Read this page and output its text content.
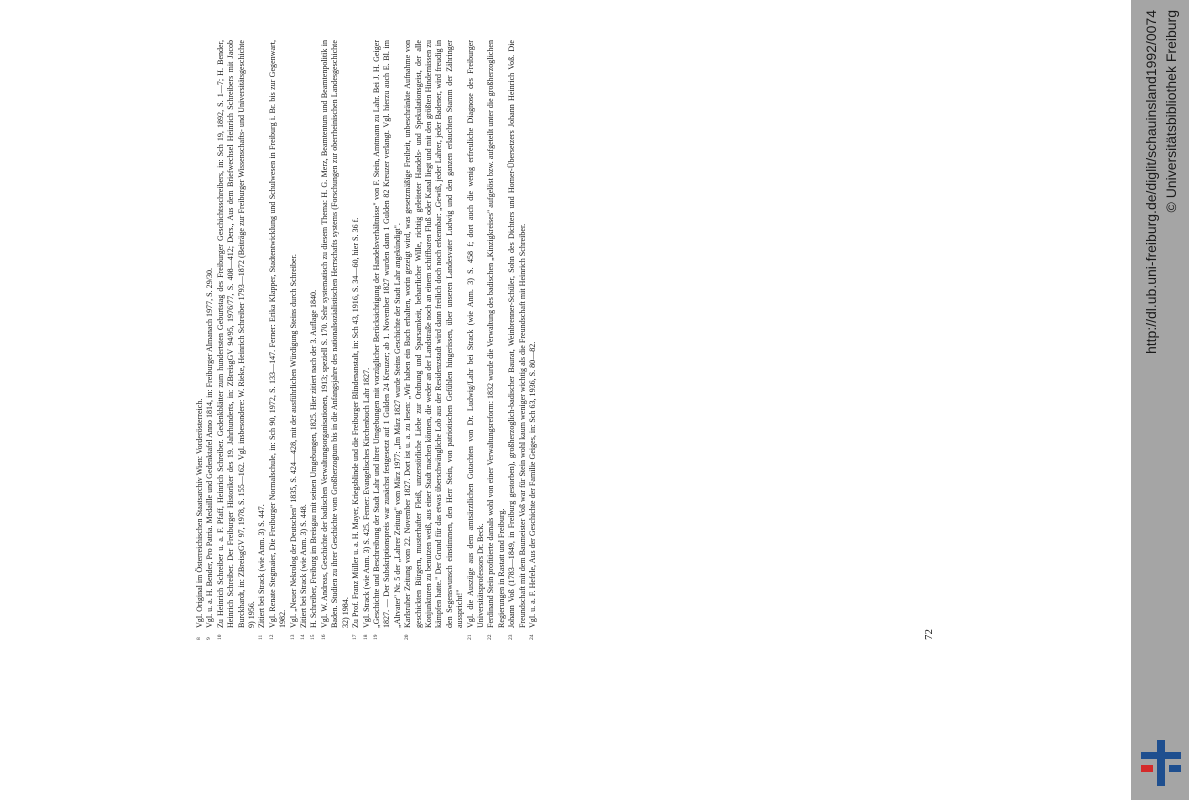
8
Vgl. Original im Österreichischen Staatsarchiv Wien: Vorderösterreich.

9
Vgl. u. a. H. Bender, Pro Patria. Medaille und Gedenktafel Anno 1814, in: Freiburger Almanach 1977, S. 29/30.

10
Zu Heinrich Schreiber u. a. F. Pfaff, Heinrich Schreiber. Gedenkblätter zum hundertsten Geburtstag des Freiburger Geschichtsschreibers, in: Sch 19, 1892, S. 1—7; H. Bender, Heinrich Schreiber. Der Freiburger Historiker des 19. Jahrhunderts, in: ZBreisgGV 94/95, 1976/77, S. 408—412; Ders., Aus dem Briefwechsel Heinrich Schreibers mit Jacob Burckhardt, in: ZBreisgGV 97, 1978, S. 155—162. Vgl. insbesondere: W. Rieke, Heinrich Schreiber 1793—1872 (Beiträge zur Freiburger Wissenschafts- und Universitätsgeschichte 9) 1956.

11
Zitiert bei Strack (wie Anm. 3) S. 447.

12
Vgl. Renate Stegmaier, Die Freiburger Normalschule, in: Sch 90, 1972, S. 133—147. Ferner: Erika Klapper, Stadtentwicklung und Schulwesen in Freiburg i. Br. bis zur Gegenwart, 1982.

13
Vgl. „Neuer Nekrolog der Deutschen" 1835, S. 424—428, mit der ausführlichen Würdigung Steins durch Schreiber.

14
Zitiert bei Strack (wie Anm. 3) S. 448.

15
H. Schreiber, Freiburg im Breisgau mit seinen Umgebungen, 1825. Hier zitiert nach der 3. Auflage 1840.

16
Vgl. W. Andreas, Geschichte der badischen Verwaltungsorganisationen, 1913; speziell S. 170. Sehr systematisch zu diesem Thema: H. G. Merz, Beamtentum und Beamtenpolitik in Baden. Studien zu ihrer Geschichte vom Großherzogtum bis in die Anfangsjahre des nationalsozialistischen Herrschafts systems (Forschungen zur oberrheinischen Landesgeschichte 32) 1984.

17
Zu Prof. Franz Müller u. a. H. Mayer, Kriegsblinde und die Freiburger Blindenanstalt, in: Sch 43, 1916, S. 34—60, hier S. 36 f.

18
Vgl. Strack (wie Anm. 3) S. 425. Ferner: Evangelisches Kirchenbuch Lahr 1827.

19
„Geschichte und Beschreibung der Stadt Lahr und ihrer Umgebungen mit vorzüglicher Berücksichtigung der Handelsverhältnisse" von F. Stein, Amtmann zu Lahr. Bei J. H. Geiger 1827. — Der Subskriptionspreis war zunächst festgesetzt auf 1 Gulden 24 Kreuzer; ab 1. November 1827 wurden dann 1 Gulden 82 Kreuzer verlangt. Vgl. hierzu auch E. Bl. im „Altvater" Nr. 5 der „Lahrer Zeitung" vom März 1977: „Im März 1827 wurde Steins Geschichte der Stadt Lahr angekündigt".

20
Karlsruher Zeitung vom 22. November 1827. Dort ist u. a. zu lesen: „Wir haben ein Buch erhalten, worin gezeigt wird, was gesetzmäßige Freiheit, unbeschränkte Aufnahme von geschickten Bürgern, musterhafter Fleiß, unzerstörliche Liebe zur Ordnung und Sparsamkeit, beharrlicher Wille, richtig geleiteter Handels- und Spekulationsgeist, der alle Konjunkturen zu benutzen weiß, aus einer Stadt machen können, die weder an der Landstraße noch an einem schiffbaren Fluß oder Kanal liegt und mit den größten Hindernissen zu kämpfen hatte." Der Grund für das etwas überschwängliche Lob aus der Residenzstadt wird dann freilich doch noch erkennbar: „Gewiß, jeder Lahrer, jeder Badener, wird freudig in den Segenswunsch einstimmen, den Herr Stein, von patriotischen Gefühlen hingerissen, über unseren Landesvater Ludwig und den ganzen erlauchten Stamm der Zähringer ausspricht!"

21
Vgl. die Auszüge aus dem amtsärztlichen Gutachten von Dr. Ludwig/Lahr bei Strack (wie Anm. 3) S. 458 f; dort auch die wenig erfreuliche Diagnose des Freiburger Universitätsprofessors Dr. Beck.

22
Ferdinand Stein profitierte damals wohl von einer Verwaltungsreform: 1832 wurde die Verwaltung des badischen „Kinzigkreises" aufgelöst bzw. aufgeteilt unter die großherzoglichen Regierungen in Rastatt und Freiburg.

23
Johann Voß (1783—1849, in Freiburg gestorben), großherzoglich-badischer Baurat, Weinbrenner-Schüler, Sohn des Dichters und Homer-Übersetzers Johann Heinrich Voß. Die Freundschaft mit dem Baumeister Voß war für Stein wohl kaum weniger wichtig als die Freundschaft mit Heinrich Schreiber.

24
Vgl. u. a. F. Hefele, Aus der Geschichte der Familie Geiges, in: Sch 63, 1936, S. 80—82.

72
http://dl.ub.uni-freiburg.de/diglit/schauinsland1992/0074 © Universitätsbibliothek Freiburg
